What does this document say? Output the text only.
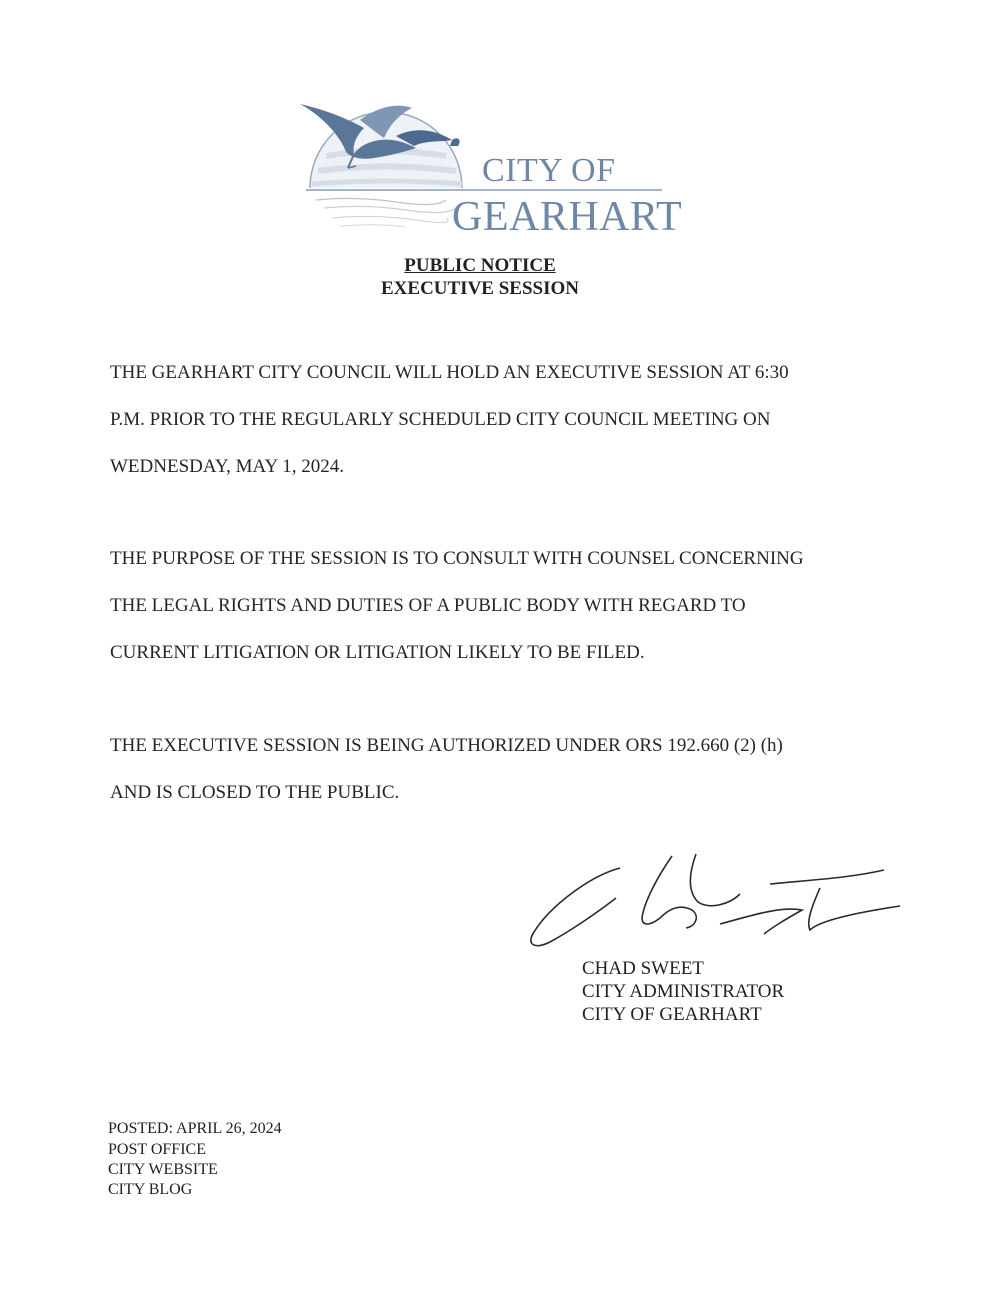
CITY OF
GEARHART
PUBLIC NOTICE
EXECUTIVE SESSION
THE GEARHART CITY COUNCIL WILL HOLD AN EXECUTIVE SESSION AT 6:30
P.M. PRIOR TO THE REGULARLY SCHEDULED CITY COUNCIL MEETING ON
WEDNESDAY, MAY 1, 2024.
THE PURPOSE OF THE SESSION IS TO CONSULT WITH COUNSEL CONCERNING
THE LEGAL RIGHTS AND DUTIES OF A PUBLIC BODY WITH REGARD TO
CURRENT LITIGATION OR LITIGATION LIKELY TO BE FILED.
THE EXECUTIVE SESSION IS BEING AUTHORIZED UNDER ORS 192.660 (2) (h)
AND IS CLOSED TO THE PUBLIC.
CHAD SWEET
CITY ADMINISTRATOR
CITY OF GEARHART
POSTED: APRIL 26, 2024
POST OFFICE
CITY WEBSITE
CITY BLOG
